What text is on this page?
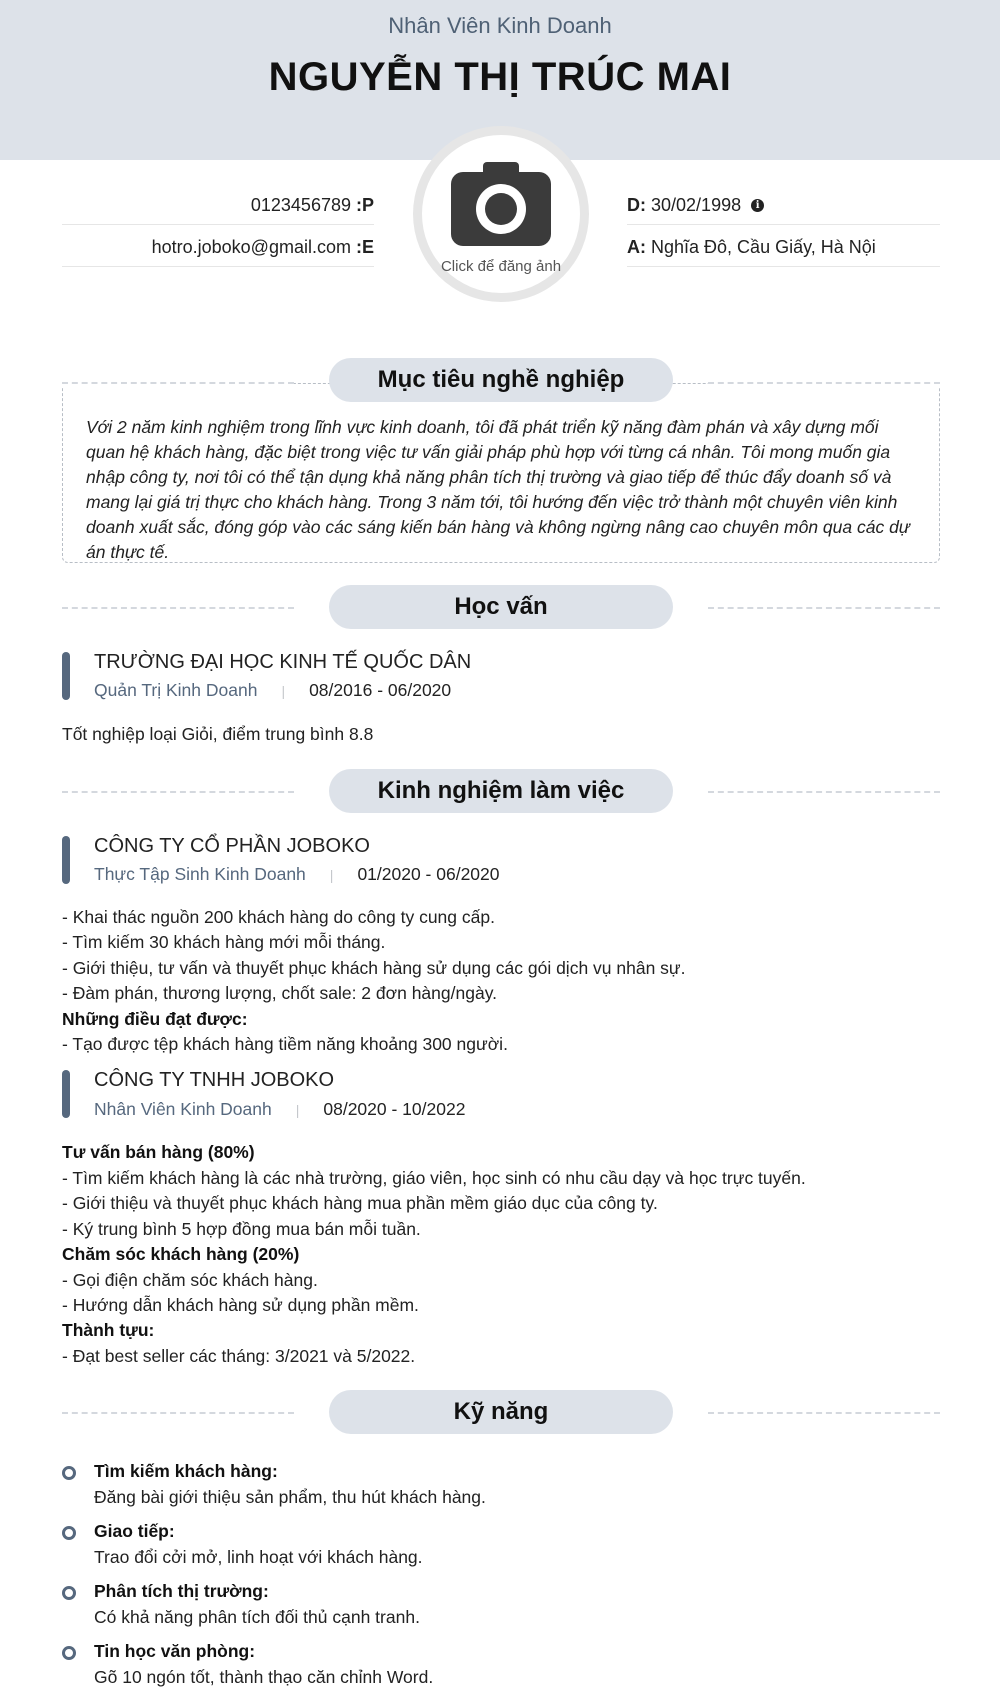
Nhân Viên Kinh Doanh
NGUYỄN THỊ TRÚC MAI
Click để đăng ảnh
0123456789 :P
hotro.joboko@gmail.com :E
D: 30/02/1998 i
A: Nghĩa Đô, Cầu Giấy, Hà Nội
Mục tiêu nghề nghiệp
Với 2 năm kinh nghiệm trong lĩnh vực kinh doanh, tôi đã phát triển kỹ năng đàm phán và xây dựng mối quan hệ khách hàng, đặc biệt trong việc tư vấn giải pháp phù hợp với từng cá nhân. Tôi mong muốn gia nhập công ty, nơi tôi có thể tận dụng khả năng phân tích thị trường và giao tiếp để thúc đẩy doanh số và mang lại giá trị thực cho khách hàng. Trong 3 năm tới, tôi hướng đến việc trở thành một chuyên viên kinh doanh xuất sắc, đóng góp vào các sáng kiến bán hàng và không ngừng nâng cao chuyên môn qua các dự án thực tế.
Học vấn
TRƯỜNG ĐẠI HỌC KINH TẾ QUỐC DÂN
Quản Trị Kinh Doanh | 08/2016 - 06/2020
Tốt nghiệp loại Giỏi, điểm trung bình 8.8
Kinh nghiệm làm việc
CÔNG TY CỔ PHẦN JOBOKO
Thực Tập Sinh Kinh Doanh | 01/2020 - 06/2020
- Khai thác nguồn 200 khách hàng do công ty cung cấp.
- Tìm kiếm 30 khách hàng mới mỗi tháng.
- Giới thiệu, tư vấn và thuyết phục khách hàng sử dụng các gói dịch vụ nhân sự.
- Đàm phán, thương lượng, chốt sale: 2 đơn hàng/ngày.
Những điều đạt được:
- Tạo được tệp khách hàng tiềm năng khoảng 300 người.
CÔNG TY TNHH JOBOKO
Nhân Viên Kinh Doanh | 08/2020 - 10/2022
Tư vấn bán hàng (80%)
- Tìm kiếm khách hàng là các nhà trường, giáo viên, học sinh có nhu cầu dạy và học trực tuyến.
- Giới thiệu và thuyết phục khách hàng mua phần mềm giáo dục của công ty.
- Ký trung bình 5 hợp đồng mua bán mỗi tuần.
Chăm sóc khách hàng (20%)
- Gọi điện chăm sóc khách hàng.
- Hướng dẫn khách hàng sử dụng phần mềm.
Thành tựu:
- Đạt best seller các tháng: 3/2021 và 5/2022.
Kỹ năng
Tìm kiếm khách hàng:
Đăng bài giới thiệu sản phẩm, thu hút khách hàng.
Giao tiếp:
Trao đổi cởi mở, linh hoạt với khách hàng.
Phân tích thị trường:
Có khả năng phân tích đối thủ cạnh tranh.
Tin học văn phòng:
Gõ 10 ngón tốt, thành thạo căn chỉnh Word.
